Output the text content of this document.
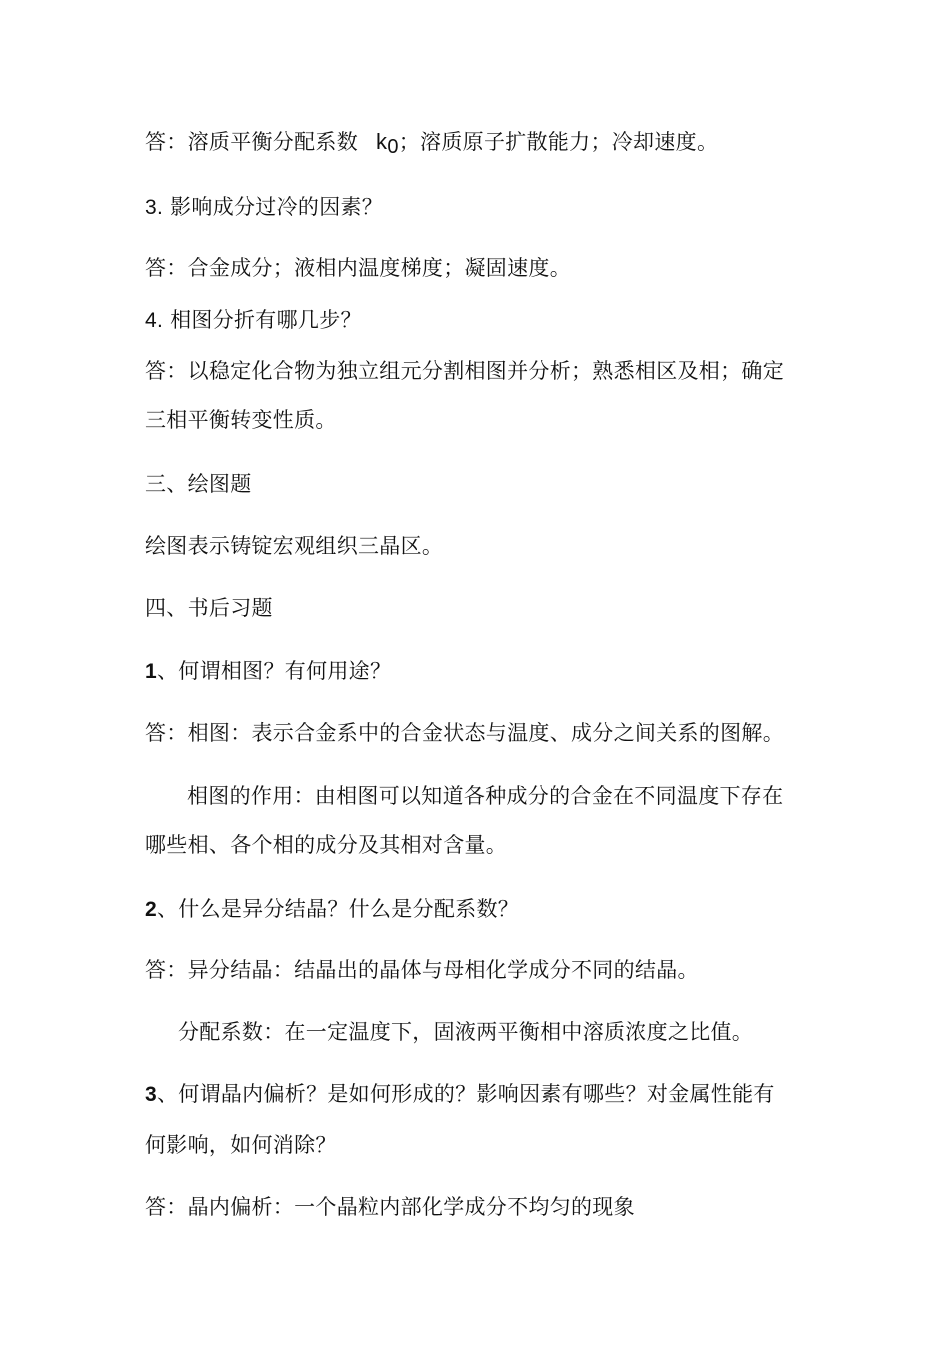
答：溶质平衡分配系数 $k_0$；溶质原子扩散能力；冷却速度。
3. 影响成分过冷的因素？
答：合金成分；液相内温度梯度；凝固速度。
4. 相图分折有哪几步？
答：以稳定化合物为独立组元分割相图并分析；熟悉相区及相；确定
三相平衡转变性质。
三、绘图题
绘图表示铸锭宏观组织三晶区。
四、书后习题
1、何谓相图？有何用途？
答：相图：表示合金系中的合金状态与温度、成分之间关系的图解。
相图的作用：由相图可以知道各种成分的合金在不同温度下存在
哪些相、各个相的成分及其相对含量。
2、什么是异分结晶？什么是分配系数？
答：异分结晶：结晶出的晶体与母相化学成分不同的结晶。
分配系数：在一定温度下，固液两平衡相中溶质浓度之比值。
3、何谓晶内偏析？是如何形成的？影响因素有哪些？对金属性能有
何影响，如何消除？
答：晶内偏析：一个晶粒内部化学成分不均匀的现象
